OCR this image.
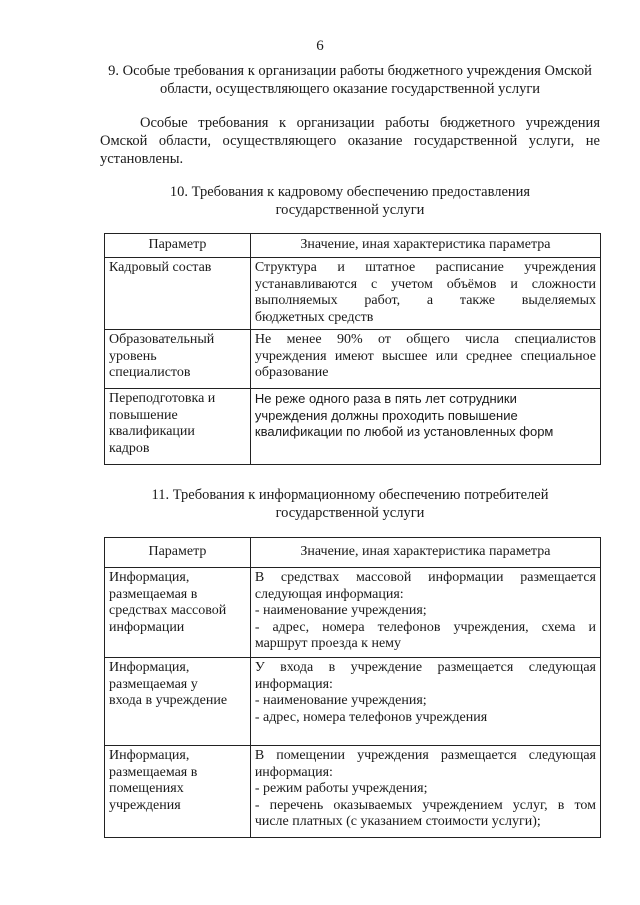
6
9. Особые требования к организации работы бюджетного учреждения Омской
области, осуществляющего оказание государственной услуги
Особые требования к организации работы бюджетного учреждения
Омской области, осуществляющего оказание государственной услуги, не
установлены.
10. Требования к кадровому обеспечению предоставления
государственной услуги
Параметр	Значение, иная характеристика параметра

Кадровый состав	Структура и штатное расписание учреждения
устанавливаются с учетом объёмов и сложности
выполняемых работ, а также выделяемых
бюджетных средств

Образовательный
уровень
специалистов	Не менее 90% от общего числа специалистов
учреждения имеют высшее или среднее специальное
образование

Переподготовка и
повышение
квалификации
кадров	Не реже одного раза в пять лет сотрудники
учреждения должны проходить повышение
квалификации по любой из установленных форм
11. Требования к информационному обеспечению потребителей
государственной услуги
Параметр	Значение, иная характеристика параметра

Информация,
размещаемая в
средствах массовой
информации	В средствах массовой информации размещается
следующая информация:
- наименование учреждения;
- адрес, номера телефонов учреждения, схема и
маршрут проезда к нему

Информация,
размещаемая у
входа в учреждение	У входа в учреждение размещается следующая
информация:
- наименование учреждения;
- адрес, номера телефонов учреждения

Информация,
размещаемая в
помещениях
учреждения	В помещении учреждения размещается следующая
информация:
- режим работы учреждения;
- перечень оказываемых учреждением услуг, в том
числе платных (с указанием стоимости услуги);
